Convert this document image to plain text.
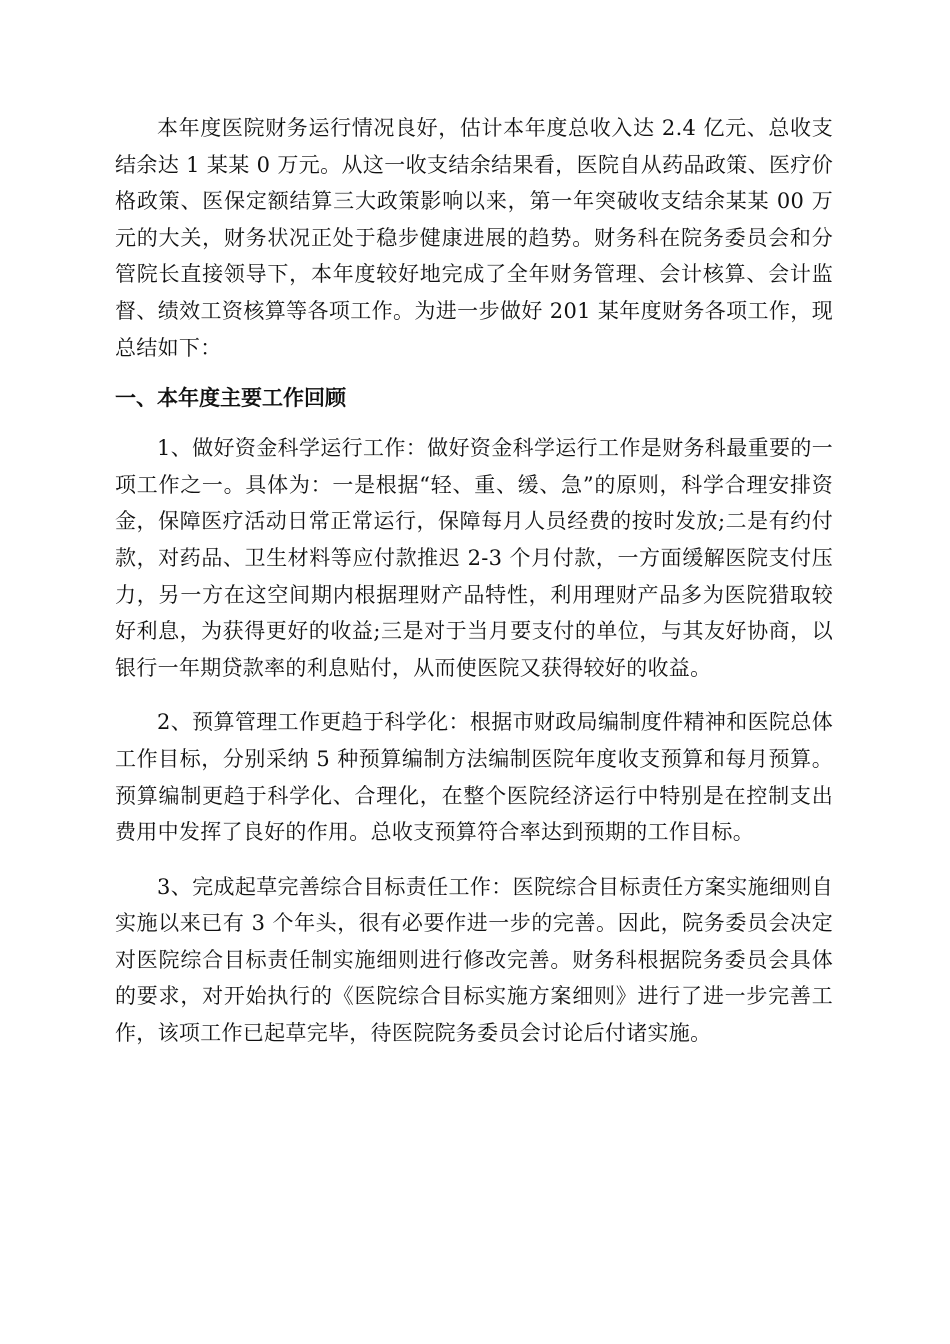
本年度医院财务运行情况良好，估计本年度总收入达 2.4 亿元、总收支结余达 1 某某 0 万元。从这一收支结余结果看，医院自从药品政策、医疗价格政策、医保定额结算三大政策影响以来，第一年突破收支结余某某 00 万元的大关，财务状况正处于稳步健康进展的趋势。财务科在院务委员会和分管院长直接领导下，本年度较好地完成了全年财务管理、会计核算、会计监督、绩效工资核算等各项工作。为进一步做好 201 某年度财务各项工作，现总结如下：

一、本年度主要工作回顾

1、做好资金科学运行工作：做好资金科学运行工作是财务科最重要的一项工作之一。具体为：一是根据“轻、重、缓、急”的原则，科学合理安排资金，保障医疗活动日常正常运行，保障每月人员经费的按时发放;二是有约付款，对药品、卫生材料等应付款推迟 2-3 个月付款，一方面缓解医院支付压力，另一方在这空间期内根据理财产品特性，利用理财产品多为医院猎取较好利息，为获得更好的收益;三是对于当月要支付的单位，与其友好协商，以银行一年期贷款率的利息贴付，从而使医院又获得较好的收益。

2、预算管理工作更趋于科学化：根据市财政局编制度件精神和医院总体工作目标，分别采纳 5 种预算编制方法编制医院年度收支预算和每月预算。预算编制更趋于科学化、合理化，在整个医院经济运行中特别是在控制支出费用中发挥了良好的作用。总收支预算符合率达到预期的工作目标。

3、完成起草完善综合目标责任工作：医院综合目标责任方案实施细则自实施以来已有 3 个年头，很有必要作进一步的完善。因此，院务委员会决定对医院综合目标责任制实施细则进行修改完善。财务科根据院务委员会具体的要求，对开始执行的《医院综合目标实施方案细则》进行了进一步完善工作，该项工作已起草完毕，待医院院务委员会讨论后付诸实施。
